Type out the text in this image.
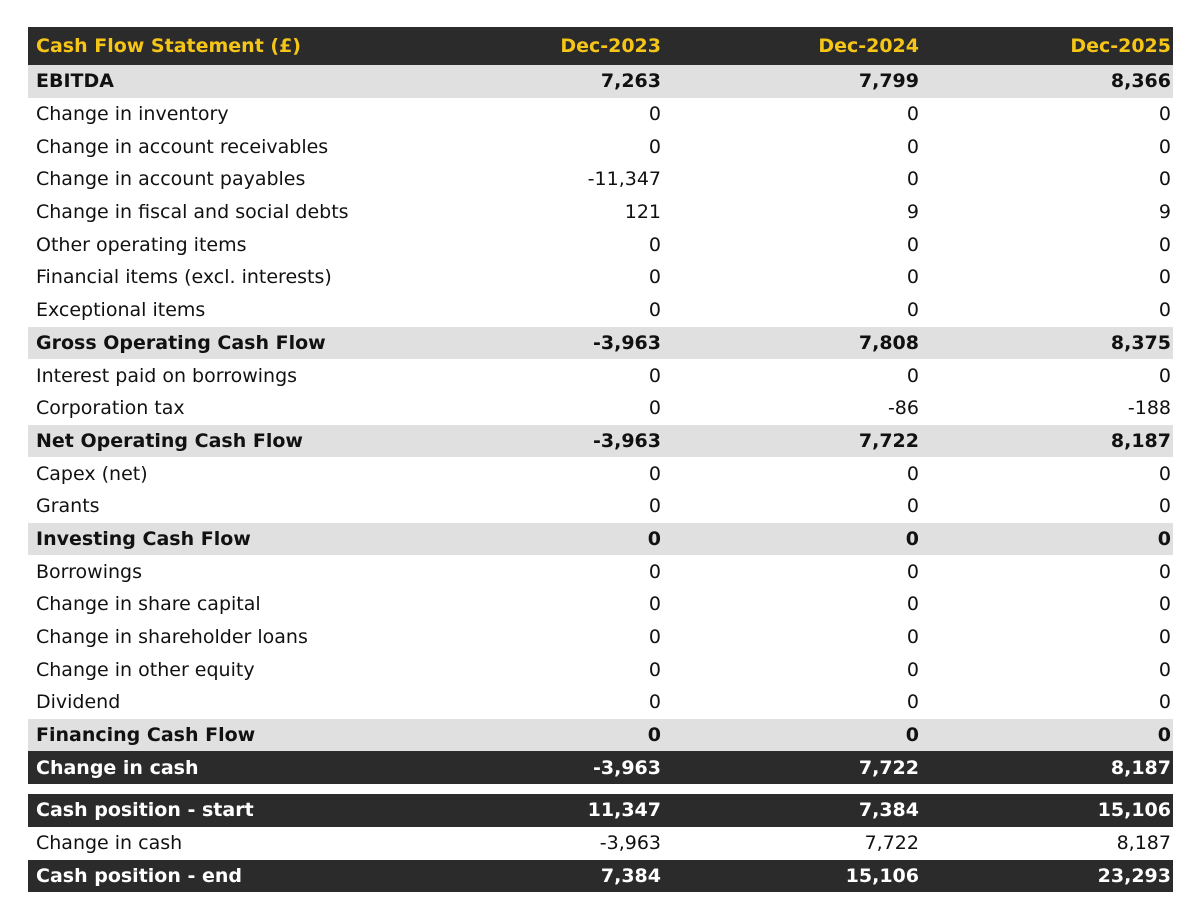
Cash Flow Statement (£)	Dec-2023	Dec-2024	Dec-2025
EBITDA	7,263	7,799	8,366
Change in inventory	0	0	0
Change in account receivables	0	0	0
Change in account payables	-11,347	0	0
Change in fiscal and social debts	121	9	9
Other operating items	0	0	0
Financial items (excl. interests)	0	0	0
Exceptional items	0	0	0
Gross Operating Cash Flow	-3,963	7,808	8,375
Interest paid on borrowings	0	0	0
Corporation tax	0	-86	-188
Net Operating Cash Flow	-3,963	7,722	8,187
Capex (net)	0	0	0
Grants	0	0	0
Investing Cash Flow	0	0	0
Borrowings	0	0	0
Change in share capital	0	0	0
Change in shareholder loans	0	0	0
Change in other equity	0	0	0
Dividend	0	0	0
Financing Cash Flow	0	0	0
Change in cash	-3,963	7,722	8,187
Cash position - start	11,347	7,384	15,106
Change in cash	-3,963	7,722	8,187
Cash position - end	7,384	15,106	23,293
